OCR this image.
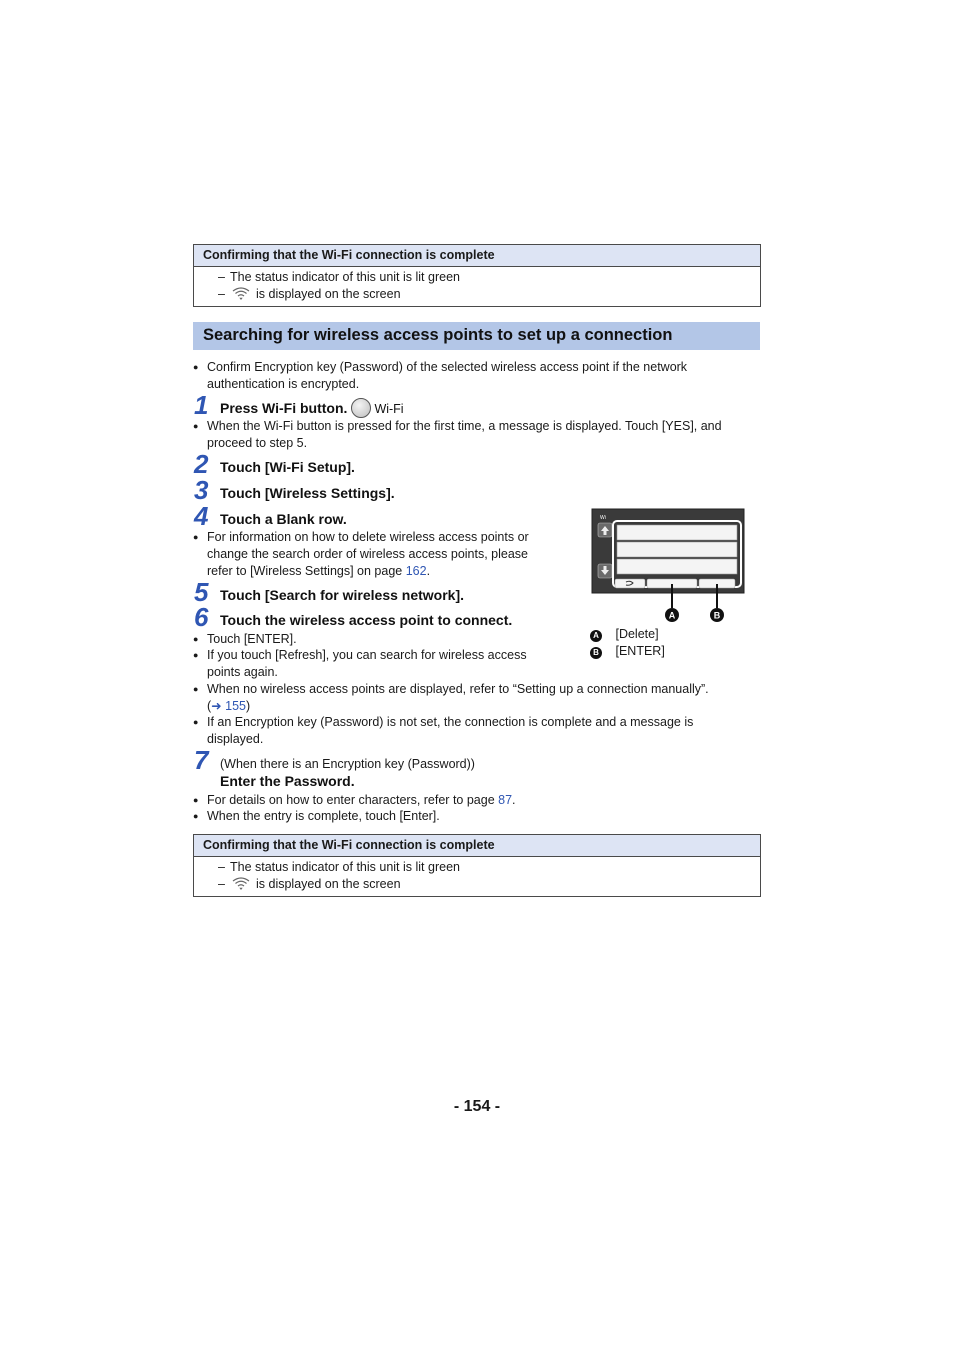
Confirming that the Wi-Fi connection is complete
– The status indicator of this unit is lit green
– is displayed on the screen
Searching for wireless access points to set up a connection
● Confirm Encryption key (Password) of the selected wireless access point if the network
authentication is encrypted.
1 Press Wi-Fi button. Wi-Fi
● When the Wi-Fi button is pressed for the first time, a message is displayed. Touch [YES], and
proceed to step 5.
2 Touch [Wi-Fi Setup].
3 Touch [Wireless Settings].
4 Touch a Blank row.
● For information on how to delete wireless access points or
change the search order of wireless access points, please
refer to [Wireless Settings] on page 162.
5 Touch [Search for wireless network].
6 Touch the wireless access point to connect.
● Touch [ENTER].
● If you touch [Refresh], you can search for wireless access
points again.
● When no wireless access points are displayed, refer to “Setting up a connection manually”.
(➜ 155)
● If an Encryption key (Password) is not set, the connection is complete and a message is
displayed.
7 (When there is an Encryption key (Password))
Enter the Password.
● For details on how to enter characters, refer to page 87.
● When the entry is complete, touch [Enter].
Wi
A	B
A [Delete]
B [ENTER]
Confirming that the Wi-Fi connection is complete
– The status indicator of this unit is lit green
– is displayed on the screen
- 154 -
